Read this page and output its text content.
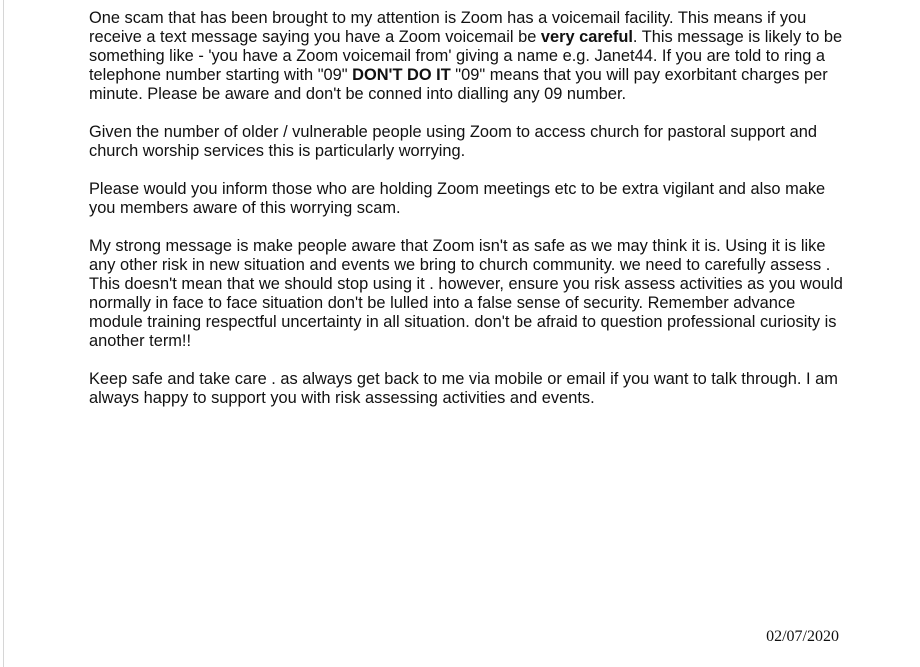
One scam that has been brought to my attention is Zoom has a voicemail facility. This means if you receive a text message saying you have a Zoom voicemail be very careful. This message is likely to be something like - 'you have a Zoom voicemail from' giving a name e.g. Janet44. If you are told to ring a telephone number starting with "09" DON'T DO IT "09" means that you will pay exorbitant charges per minute. Please be aware and don't be conned into dialling any 09 number.

Given the number of older / vulnerable people using Zoom to access church for pastoral support and church worship services this is particularly worrying.

Please would you inform those who are holding Zoom meetings etc to be extra vigilant and also make you members aware of this worrying scam.

My strong message is make people aware that Zoom isn't as safe as we may think it is. Using it is like any other risk in new situation and events we bring to church community. we need to carefully assess . This doesn't mean that we should stop using it . however, ensure you risk assess activities as you would normally in face to face situation don't be lulled into a false sense of security. Remember advance module training respectful uncertainty in all situation. don't be afraid to question professional curiosity is another term!!

Keep safe and take care . as always get back to me via mobile or email if you want to talk through. I am always happy to support you with risk assessing activities and events.

02/07/2020
